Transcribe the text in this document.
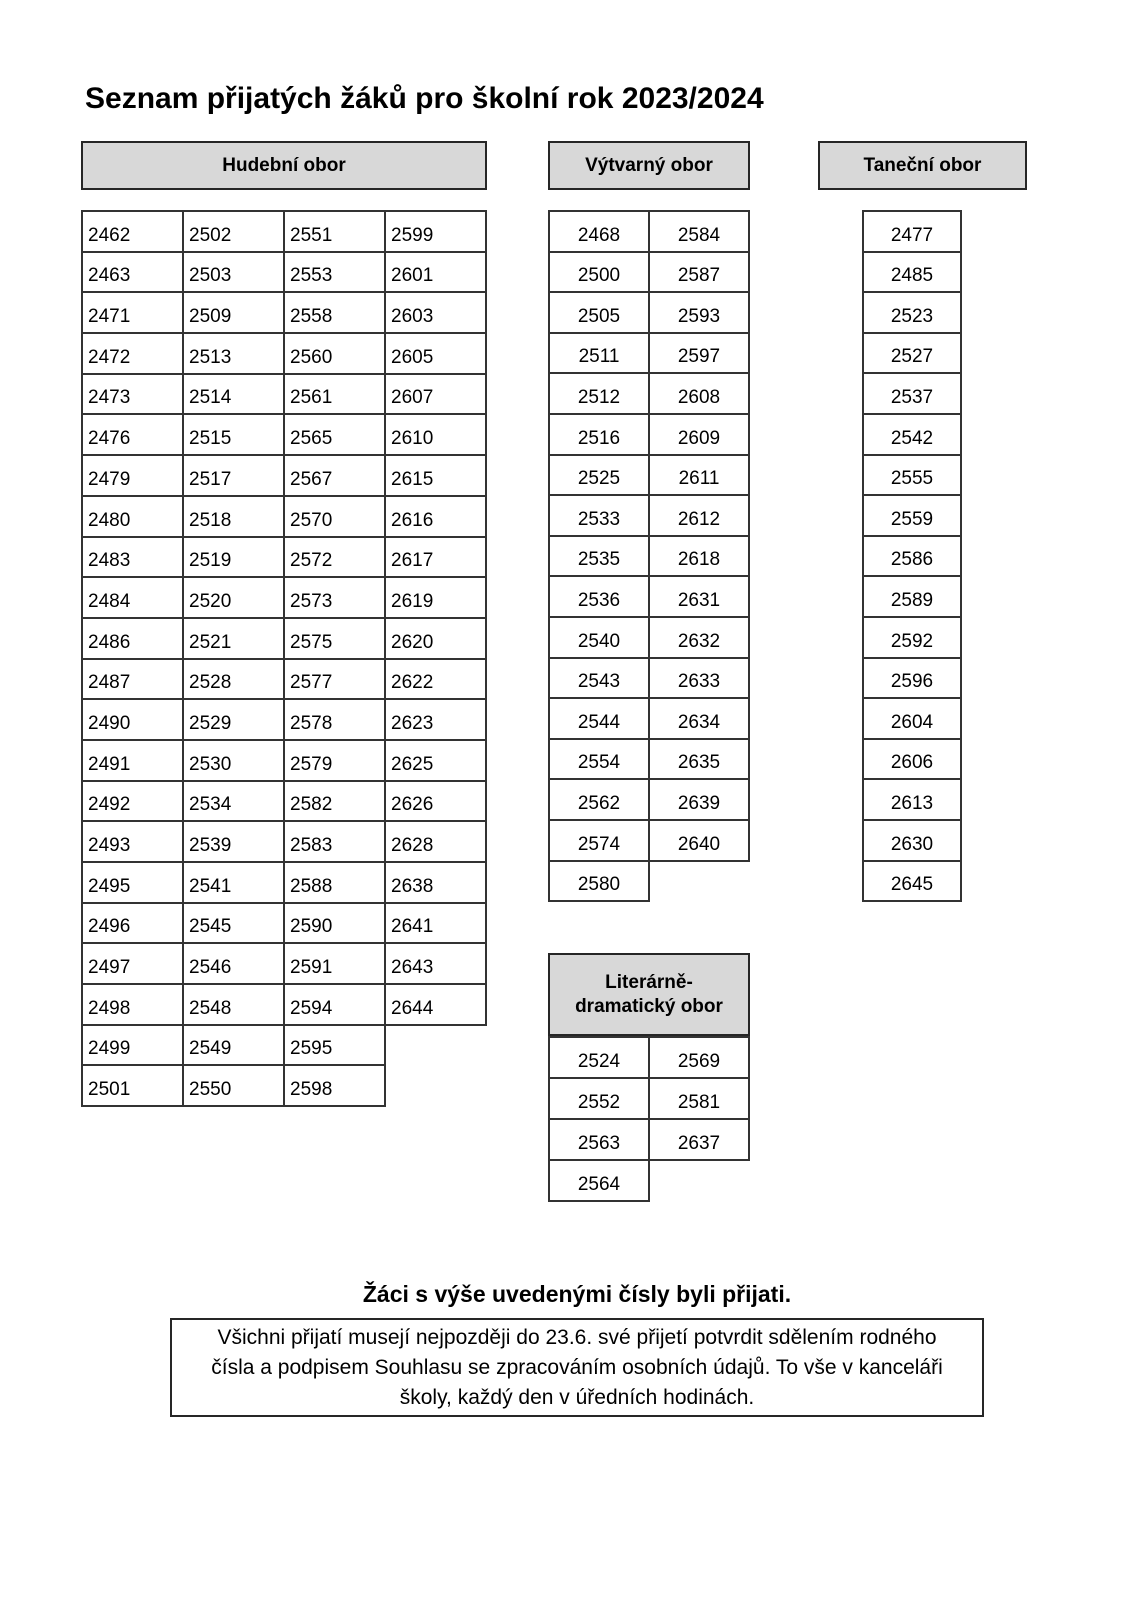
Seznam přijatých žáků pro školní rok 2023/2024
Hudební obor	Výtvarný obor	Taneční obor
2462	2502	2551	2599
2463	2503	2553	2601
2471	2509	2558	2603
2472	2513	2560	2605
2473	2514	2561	2607
2476	2515	2565	2610
2479	2517	2567	2615
2480	2518	2570	2616
2483	2519	2572	2617
2484	2520	2573	2619
2486	2521	2575	2620
2487	2528	2577	2622
2490	2529	2578	2623
2491	2530	2579	2625
2492	2534	2582	2626
2493	2539	2583	2628
2495	2541	2588	2638
2496	2545	2590	2641
2497	2546	2591	2643
2498	2548	2594	2644
2499	2549	2595	
2501	2550	2598	
2468	2584
2500	2587
2505	2593
2511	2597
2512	2608
2516	2609
2525	2611
2533	2612
2535	2618
2536	2631
2540	2632
2543	2633
2544	2634
2554	2635
2562	2639
2574	2640
2580	
2477
2485
2523
2527
2537
2542
2555
2559
2586
2589
2592
2596
2604
2606
2613
2630
2645
Literárně-dramatický obor
2524	2569
2552	2581
2563	2637
2564	
Žáci s výše uvedenými čísly byli přijati.
Všichni přijatí musejí nejpozději do 23.6. své přijetí potvrdit sdělením rodného čísla a podpisem Souhlasu se zpracováním osobních údajů. To vše v kanceláři školy, každý den v úředních hodinách.
